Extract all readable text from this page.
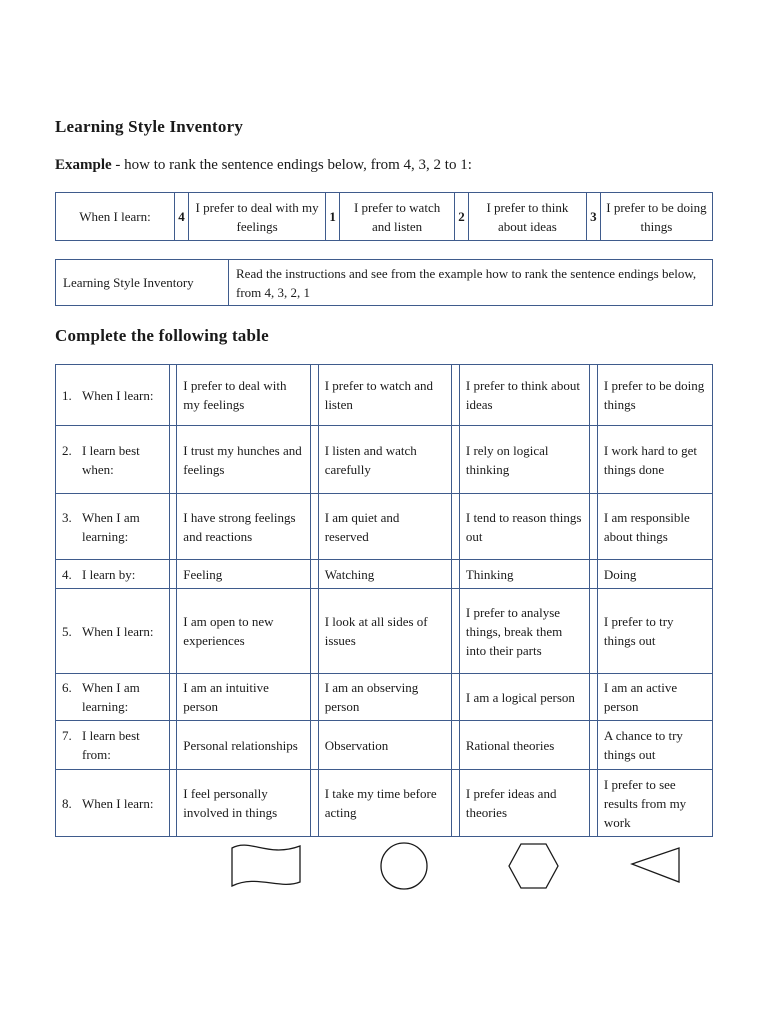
Learning Style Inventory
Example - how to rank the sentence endings below, from 4, 3, 2 to 1:
When I learn:	4	I prefer to deal with my feelings	1	I prefer to watch and listen	2	I prefer to think about ideas	3	I prefer to be doing things
Learning Style Inventory	Read the instructions and see from the example how to rank the sentence endings below, from 4, 3, 2, 1
Complete the following table
1. When I learn:		I prefer to deal with my feelings		I prefer to watch and listen		I prefer to think about ideas		I prefer to be doing things
2. I learn best when:		I trust my hunches and feelings		I listen and watch carefully		I rely on logical thinking		I work hard to get things done
3. When I am learning:		I have strong feelings and reactions		I am quiet and reserved		I tend to reason things out		I am responsible about things
4. I learn by:		Feeling		Watching		Thinking		Doing
5. When I learn:		I am open to new experiences		I look at all sides of issues		I prefer to analyse things, break them into their parts		I prefer to try things out
6. When I am learning:		I am an intuitive person		I am an observing person		I am a logical person		I am an active person
7. I learn best from:		Personal relationships		Observation		Rational theories		A chance to try things out
8. When I learn:		I feel personally involved in things		I take my time before acting		I prefer ideas and theories		I prefer to see results from my work
